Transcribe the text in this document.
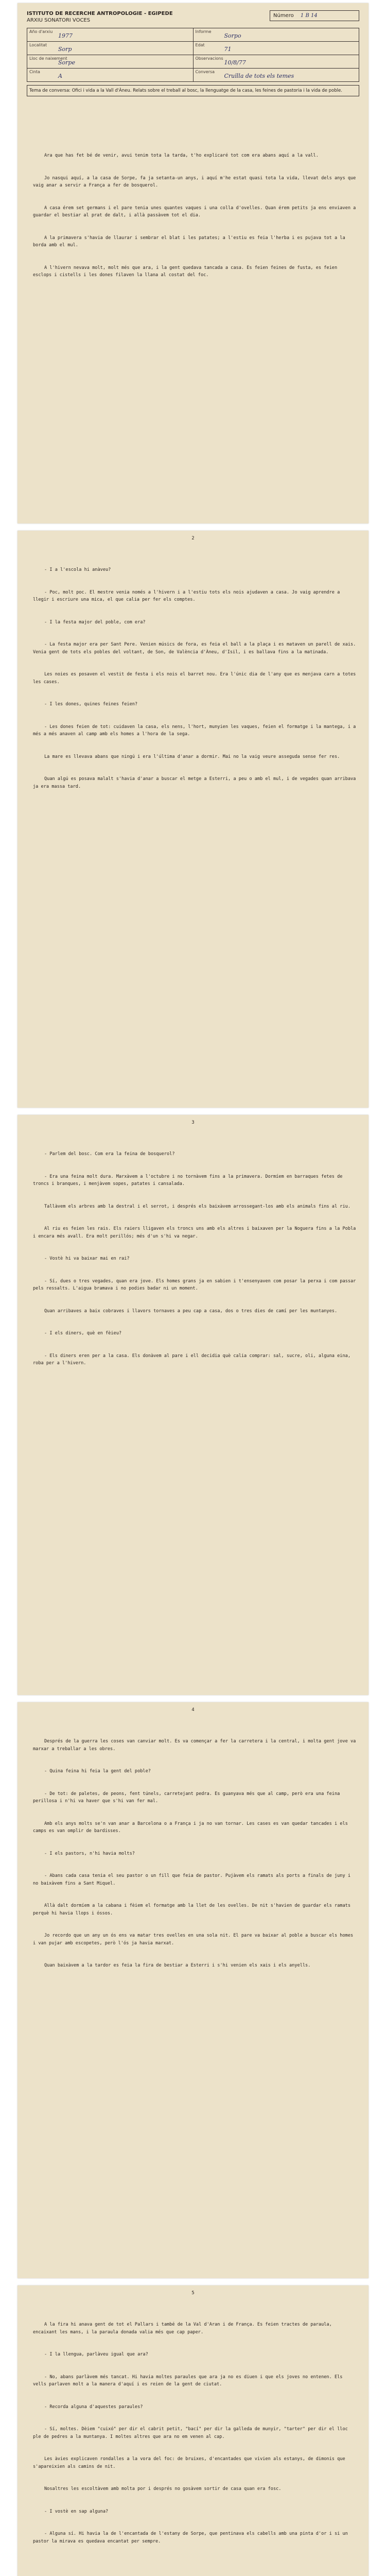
ISTITUTO DE RECERCHE ANTROPOLOGIE - EGIPEDE
ARXIU SONATORI VOCES
Número 1 B 14
Año d'arxiu
1977
Informe
Sorpo
Localitat
Sorp
Edat
71
Lloc de naixement
Sorpe
Observacions
10/8/77
Cinta
A
Conversa
Cruïlla de tots els temes
Tema de conversa: Ofici i vida a la Vall d'Àneu. Relats sobre el treball al bosc, la llenguatge de la casa, les feines de pastoria i la vida de poble.

Ara que has fet bé de venir, avui tenim tota la tarda, t'ho explicaré tot com era abans aquí a la vall.

Jo nasqui aquí, a la casa de Sorpe, fa ja setanta-un anys, i aquí m'he estat quasi tota la vida, llevat dels anys que vaig anar a servir a França a fer de bosquerol.

A casa érem set germans i el pare tenia unes quantes vaques i una colla d'ovelles. Quan érem petits ja ens enviaven a guardar el bestiar al prat de dalt, i allà passàvem tot el dia.

A la primavera s'havia de llaurar i sembrar el blat i les patates; a l'estiu es feia l'herba i es pujava tot a la borda amb el mul.

A l'hivern nevava molt, molt més que ara, i la gent quedava tancada a casa. Es feien feines de fusta, es feien esclops i cistells i les dones filaven la llana al costat del foc.

2

- I a l'escola hi anàveu?

- Poc, molt poc. El mestre venia només a l'hivern i a l'estiu tots els nois ajudaven a casa. Jo vaig aprendre a llegir i escriure una mica, el que calia per fer els comptes.

- I la festa major del poble, com era?

- La festa major era per Sant Pere. Venien músics de fora, es feia el ball a la plaça i es mataven un parell de xais. Venia gent de tots els pobles del voltant, de Son, de València d'Àneu, d'Isil, i es ballava fins a la matinada.

Les noies es posaven el vestit de festa i els nois el barret nou. Era l'únic dia de l'any que es menjava carn a totes les cases.

- I les dones, quines feines feien?

- Les dones feien de tot: cuidaven la casa, els nens, l'hort, munyien les vaques, feien el formatge i la mantega, i a més a més anaven al camp amb els homes a l'hora de la sega.

La mare es llevava abans que ningú i era l'última d'anar a dormir. Mai no la vaig veure asseguda sense fer res.

Quan algú es posava malalt s'havia d'anar a buscar el metge a Esterri, a peu o amb el mul, i de vegades quan arribava ja era massa tard.

3

- Parlem del bosc. Com era la feina de bosquerol?

- Era una feina molt dura. Marxàvem a l'octubre i no tornàvem fins a la primavera. Dormíem en barraques fetes de troncs i branques, i menjàvem sopes, patates i cansalada.

Tallàvem els arbres amb la destral i el serrot, i després els baixàvem arrossegant-los amb els animals fins al riu.

Al riu es feien les rais. Els raiers lligaven els troncs uns amb els altres i baixaven per la Noguera fins a la Pobla i encara més avall. Era molt perillós; més d'un s'hi va negar.

- Vostè hi va baixar mai en rai?

- Sí, dues o tres vegades, quan era jove. Els homes grans ja en sabien i t'ensenyaven com posar la perxa i com passar pels ressalts. L'aigua bramava i no podies badar ni un moment.

Quan arribaves a baix cobraves i llavors tornaves a peu cap a casa, dos o tres dies de camí per les muntanyes.

- I els diners, què en fèieu?

- Els diners eren per a la casa. Els donàvem al pare i ell decidia què calia comprar: sal, sucre, oli, alguna eina, roba per a l'hivern.

4

Després de la guerra les coses van canviar molt. Es va començar a fer la carretera i la central, i molta gent jove va marxar a treballar a les obres.

- Quina feina hi feia la gent del poble?

- De tot: de paletes, de peons, fent túnels, carretejant pedra. Es guanyava més que al camp, però era una feina perillosa i n'hi va haver que s'hi van fer mal.

Amb els anys molts se'n van anar a Barcelona o a França i ja no van tornar. Les cases es van quedar tancades i els camps es van omplir de bardisses.

- I els pastors, n'hi havia molts?

- Abans cada casa tenia el seu pastor o un fill que feia de pastor. Pujàvem els ramats als ports a finals de juny i no baixàvem fins a Sant Miquel.

Allà dalt dormíem a la cabana i fèiem el formatge amb la llet de les ovelles. De nit s'havien de guardar els ramats perquè hi havia llops i óssos.

Jo recordo que un any un ós ens va matar tres ovelles en una sola nit. El pare va baixar al poble a buscar els homes i van pujar amb escopetes, però l'ós ja havia marxat.

Quan baixàvem a la tardor es feia la fira de bestiar a Esterri i s'hi venien els xais i els anyells.

5

A la fira hi anava gent de tot el Pallars i també de la Val d'Aran i de França. Es feien tractes de paraula, encaixant les mans, i la paraula donada valia més que cap paper.

- I la llengua, parlàveu igual que ara?

- No, abans parlàvem més tancat. Hi havia moltes paraules que ara ja no es diuen i que els joves no entenen. Els vells parlaven molt a la manera d'aquí i es reien de la gent de ciutat.

- Recorda alguna d'aquestes paraules?

- Sí, moltes. Dèiem "cuixó" per dir el cabrit petit, "bací" per dir la galleda de munyir, "tarter" per dir el lloc ple de pedres a la muntanya. I moltes altres que ara no em venen al cap.

Les àvies explicaven rondalles a la vora del foc: de bruixes, d'encantades que vivien als estanys, de dimonis que s'apareixien als camins de nit.

Nosaltres les escoltàvem amb molta por i després no gosàvem sortir de casa quan era fosc.

- I vostè en sap alguna?

- Alguna sí. Hi havia la de l'encantada de l'estany de Sorpe, que pentinava els cabells amb una pinta d'or i si un pastor la mirava es quedava encantat per sempre.
